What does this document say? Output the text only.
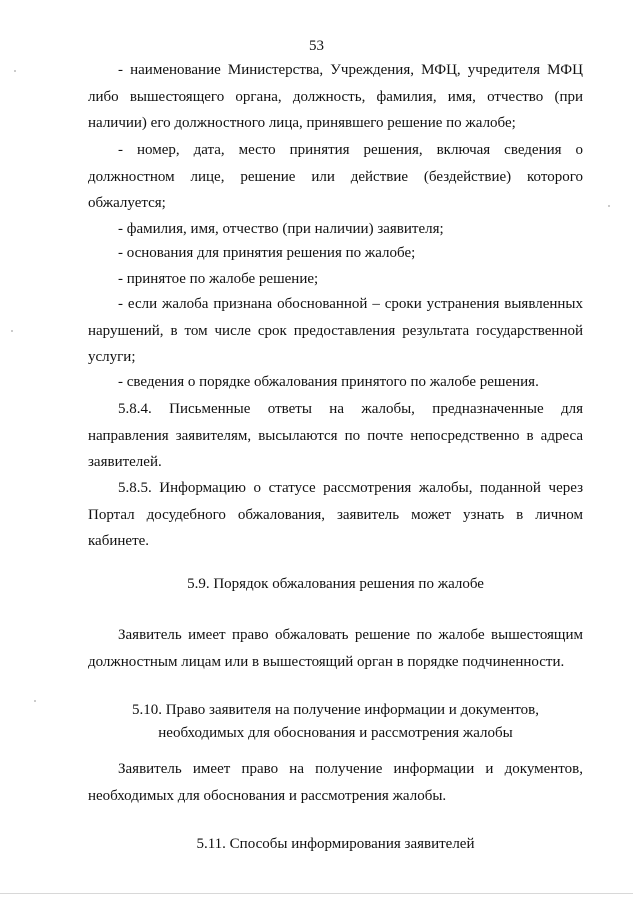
53
- наименование Министерства, Учреждения, МФЦ, учредителя МФЦ либо вышестоящего органа, должность, фамилия, имя, отчество (при наличии) его должностного лица, принявшего решение по жалобе;
- номер, дата, место принятия решения, включая сведения о должностном лице, решение или действие (бездействие) которого обжалуется;
- фамилия, имя, отчество (при наличии) заявителя;
- основания для принятия решения по жалобе;
- принятое по жалобе решение;
- если жалоба признана обоснованной – сроки устранения выявленных нарушений, в том числе срок предоставления результата государственной услуги;
- сведения о порядке обжалования принятого по жалобе решения.
5.8.4. Письменные ответы на жалобы, предназначенные для направления заявителям, высылаются по почте непосредственно в адреса заявителей.
5.8.5. Информацию о статусе рассмотрения жалобы, поданной через Портал досудебного обжалования, заявитель может узнать в личном кабинете.
5.9. Порядок обжалования решения по жалобе
Заявитель имеет право обжаловать решение по жалобе вышестоящим должностным лицам или в вышестоящий орган в порядке подчиненности.
5.10. Право заявителя на получение информации и документов,
необходимых для обоснования и рассмотрения жалобы
Заявитель имеет право на получение информации и документов, необходимых для обоснования и рассмотрения жалобы.
5.11. Способы информирования заявителей
